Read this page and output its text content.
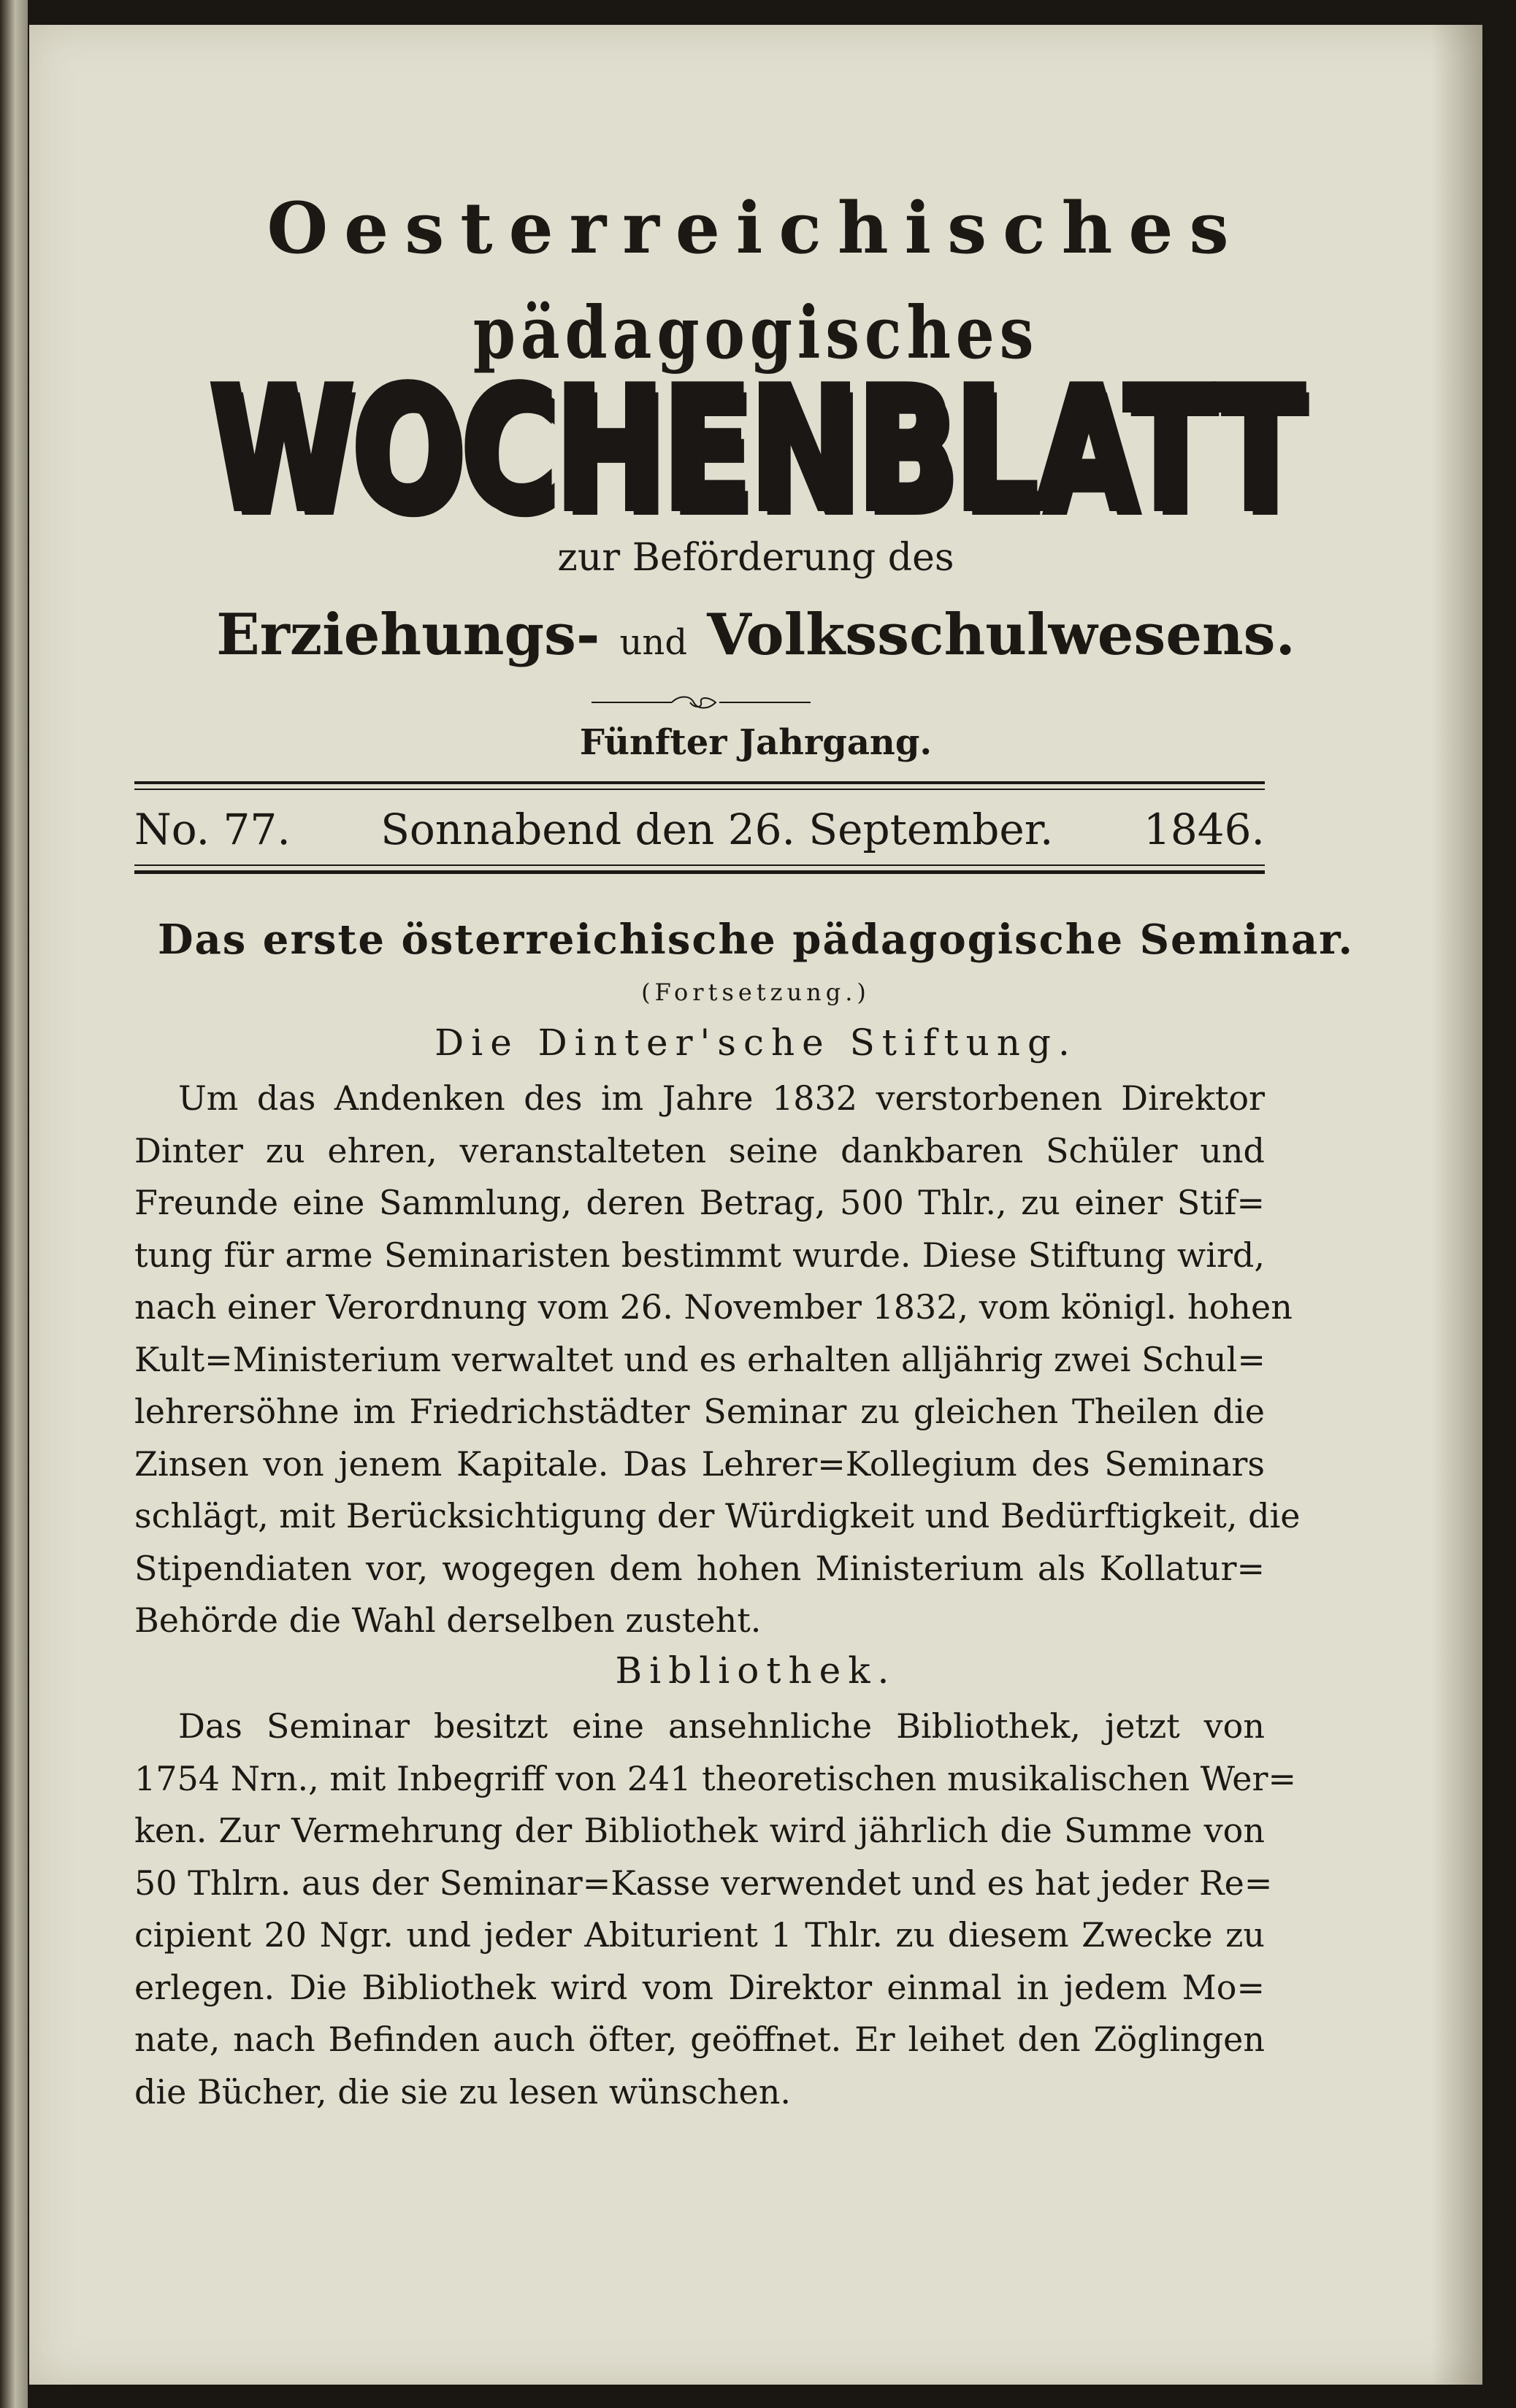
Oesterreichisches
pädagogisches
WOCHENBLATT
zur Beförderung des
Erziehungs- und Volksschulwesens.
Fünfter Jahrgang.
No. 77. Sonnabend den 26. September. 1846.
Das erste österreichische pädagogische Seminar.
(Fortsetzung.)
Die Dinter'sche Stiftung.
Um das Andenken des im Jahre 1832 verstorbenen Direktor
Dinter zu ehren, veranstalteten seine dankbaren Schüler und
Freunde eine Sammlung, deren Betrag, 500 Thlr., zu einer Stif=
tung für arme Seminaristen bestimmt wurde. Diese Stiftung wird,
nach einer Verordnung vom 26. November 1832, vom königl. hohen
Kult=Ministerium verwaltet und es erhalten alljährig zwei Schul=
lehrersöhne im Friedrichstädter Seminar zu gleichen Theilen die
Zinsen von jenem Kapitale. Das Lehrer=Kollegium des Seminars
schlägt, mit Berücksichtigung der Würdigkeit und Bedürftigkeit, die
Stipendiaten vor, wogegen dem hohen Ministerium als Kollatur=
Behörde die Wahl derselben zusteht.
Bibliothek.
Das Seminar besitzt eine ansehnliche Bibliothek, jetzt von
1754 Nrn., mit Inbegriff von 241 theoretischen musikalischen Wer=
ken. Zur Vermehrung der Bibliothek wird jährlich die Summe von
50 Thlrn. aus der Seminar=Kasse verwendet und es hat jeder Re=
cipient 20 Ngr. und jeder Abiturient 1 Thlr. zu diesem Zwecke zu
erlegen. Die Bibliothek wird vom Direktor einmal in jedem Mo=
nate, nach Befinden auch öfter, geöffnet. Er leihet den Zöglingen
die Bücher, die sie zu lesen wünschen.
